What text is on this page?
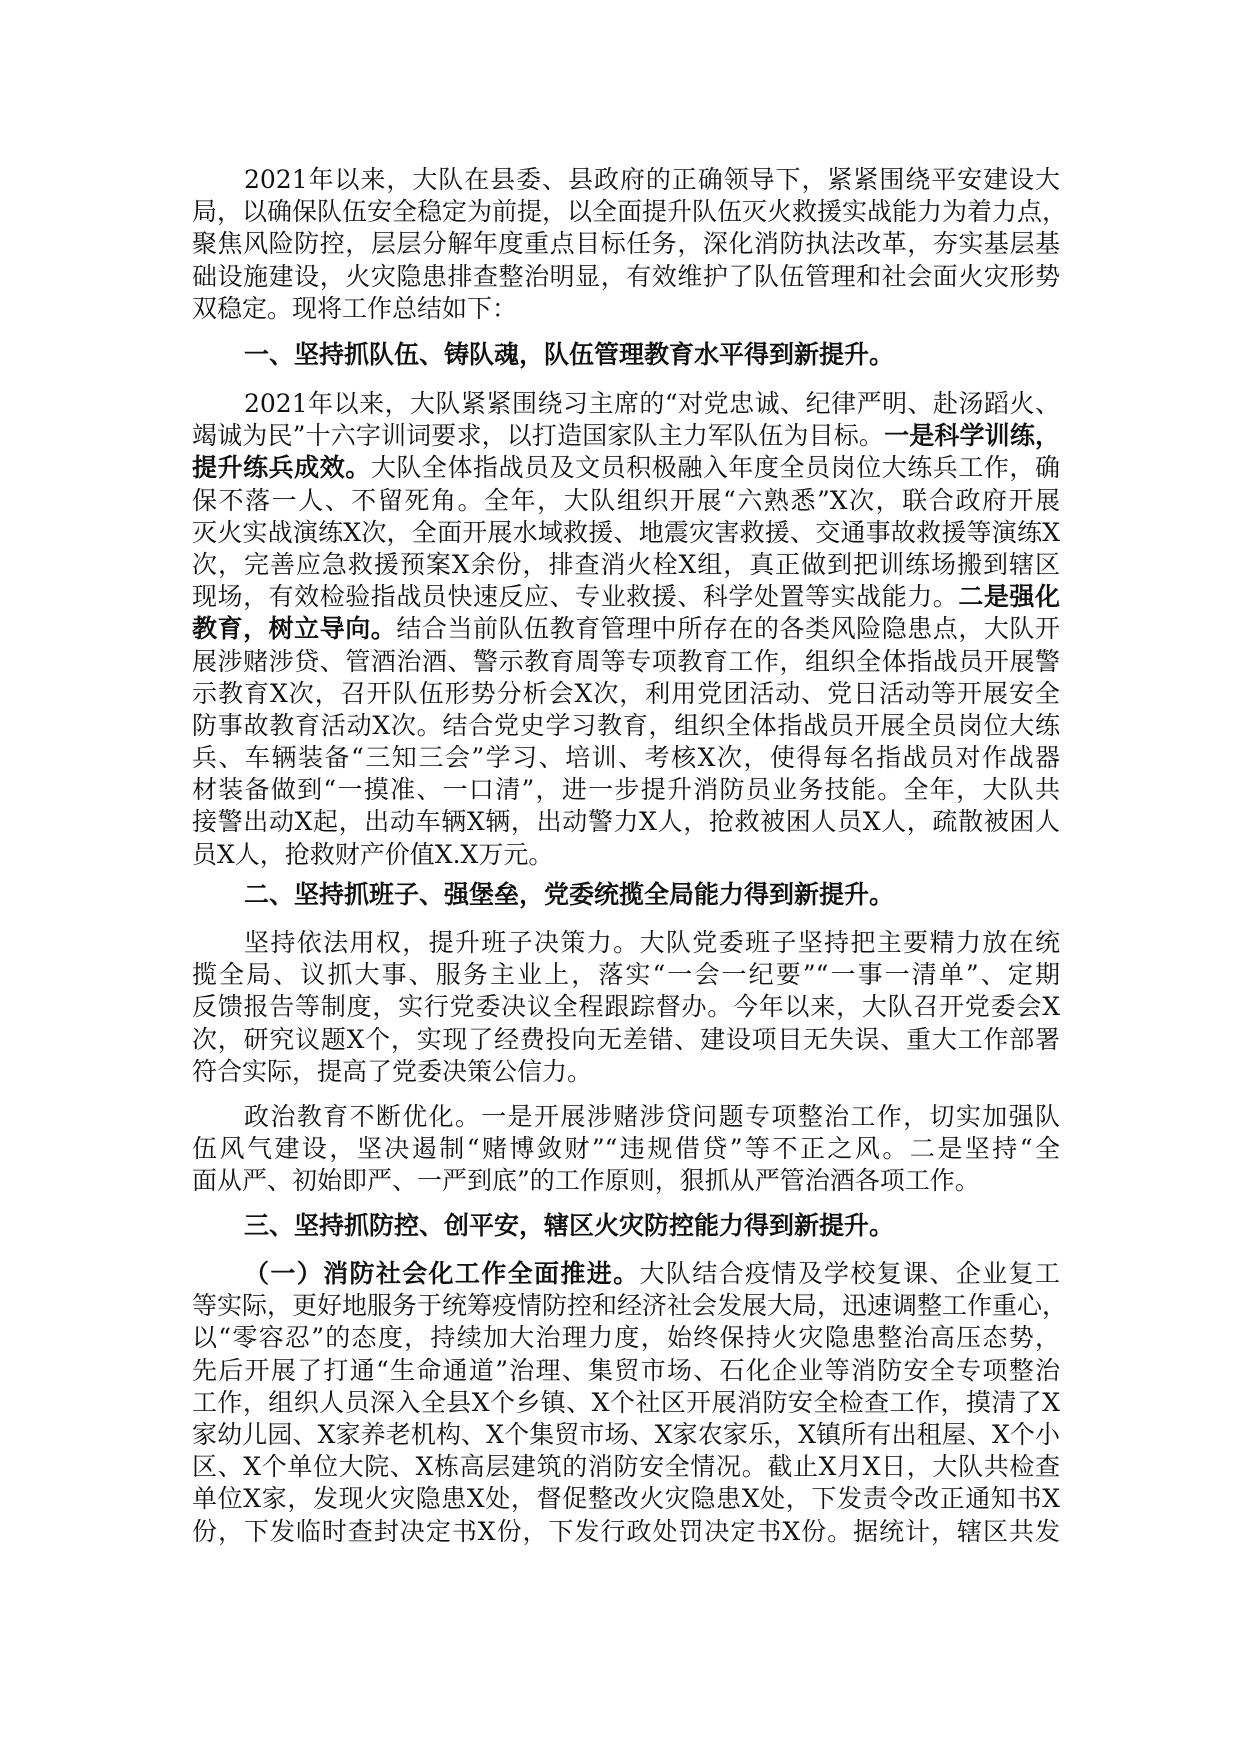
2021年以来，大队在县委、县政府的正确领导下，紧紧围绕平安建设大
局，以确保队伍安全稳定为前提，以全面提升队伍灭火救援实战能力为着力点，
聚焦风险防控，层层分解年度重点目标任务，深化消防执法改革，夯实基层基
础设施建设，火灾隐患排查整治明显，有效维护了队伍管理和社会面火灾形势
双稳定。现将工作总结如下：
一、坚持抓队伍、铸队魂，队伍管理教育水平得到新提升。
2021年以来，大队紧紧围绕习主席的“对党忠诚、纪律严明、赴汤蹈火、
竭诚为民”十六字训词要求，以打造国家队主力军队伍为目标。一是科学训练，
提升练兵成效。大队全体指战员及文员积极融入年度全员岗位大练兵工作，确
保不落一人、不留死角。全年，大队组织开展“六熟悉”X次，联合政府开展
灭火实战演练X次，全面开展水域救援、地震灾害救援、交通事故救援等演练X
次，完善应急救援预案X余份，排查消火栓X组，真正做到把训练场搬到辖区
现场，有效检验指战员快速反应、专业救援、科学处置等实战能力。二是强化
教育，树立导向。结合当前队伍教育管理中所存在的各类风险隐患点，大队开
展涉赌涉贷、管酒治酒、警示教育周等专项教育工作，组织全体指战员开展警
示教育X次，召开队伍形势分析会X次，利用党团活动、党日活动等开展安全
防事故教育活动X次。结合党史学习教育，组织全体指战员开展全员岗位大练
兵、车辆装备“三知三会”学习、培训、考核X次，使得每名指战员对作战器
材装备做到“一摸准、一口清”，进一步提升消防员业务技能。全年，大队共
接警出动X起，出动车辆X辆，出动警力X人，抢救被困人员X人，疏散被困人
员X人，抢救财产价值X.X万元。
二、坚持抓班子、强堡垒，党委统揽全局能力得到新提升。
坚持依法用权，提升班子决策力。大队党委班子坚持把主要精力放在统
揽全局、议抓大事、服务主业上，落实“一会一纪要”“一事一清单”、定期
反馈报告等制度，实行党委决议全程跟踪督办。今年以来，大队召开党委会X
次，研究议题X个，实现了经费投向无差错、建设项目无失误、重大工作部署
符合实际，提高了党委决策公信力。
政治教育不断优化。一是开展涉赌涉贷问题专项整治工作，切实加强队
伍风气建设，坚决遏制“赌博敛财”“违规借贷”等不正之风。二是坚持“全
面从严、初始即严、一严到底”的工作原则，狠抓从严管治酒各项工作。
三、坚持抓防控、创平安，辖区火灾防控能力得到新提升。
（一）消防社会化工作全面推进。大队结合疫情及学校复课、企业复工
等实际，更好地服务于统筹疫情防控和经济社会发展大局，迅速调整工作重心，
以“零容忍”的态度，持续加大治理力度，始终保持火灾隐患整治高压态势，
先后开展了打通“生命通道”治理、集贸市场、石化企业等消防安全专项整治
工作，组织人员深入全县X个乡镇、X个社区开展消防安全检查工作，摸清了X
家幼儿园、X家养老机构、X个集贸市场、X家农家乐，X镇所有出租屋、X个小
区、X个单位大院、X栋高层建筑的消防安全情况。截止X月X日，大队共检查
单位X家，发现火灾隐患X处，督促整改火灾隐患X处，下发责令改正通知书X
份，下发临时查封决定书X份，下发行政处罚决定书X份。据统计，辖区共发
